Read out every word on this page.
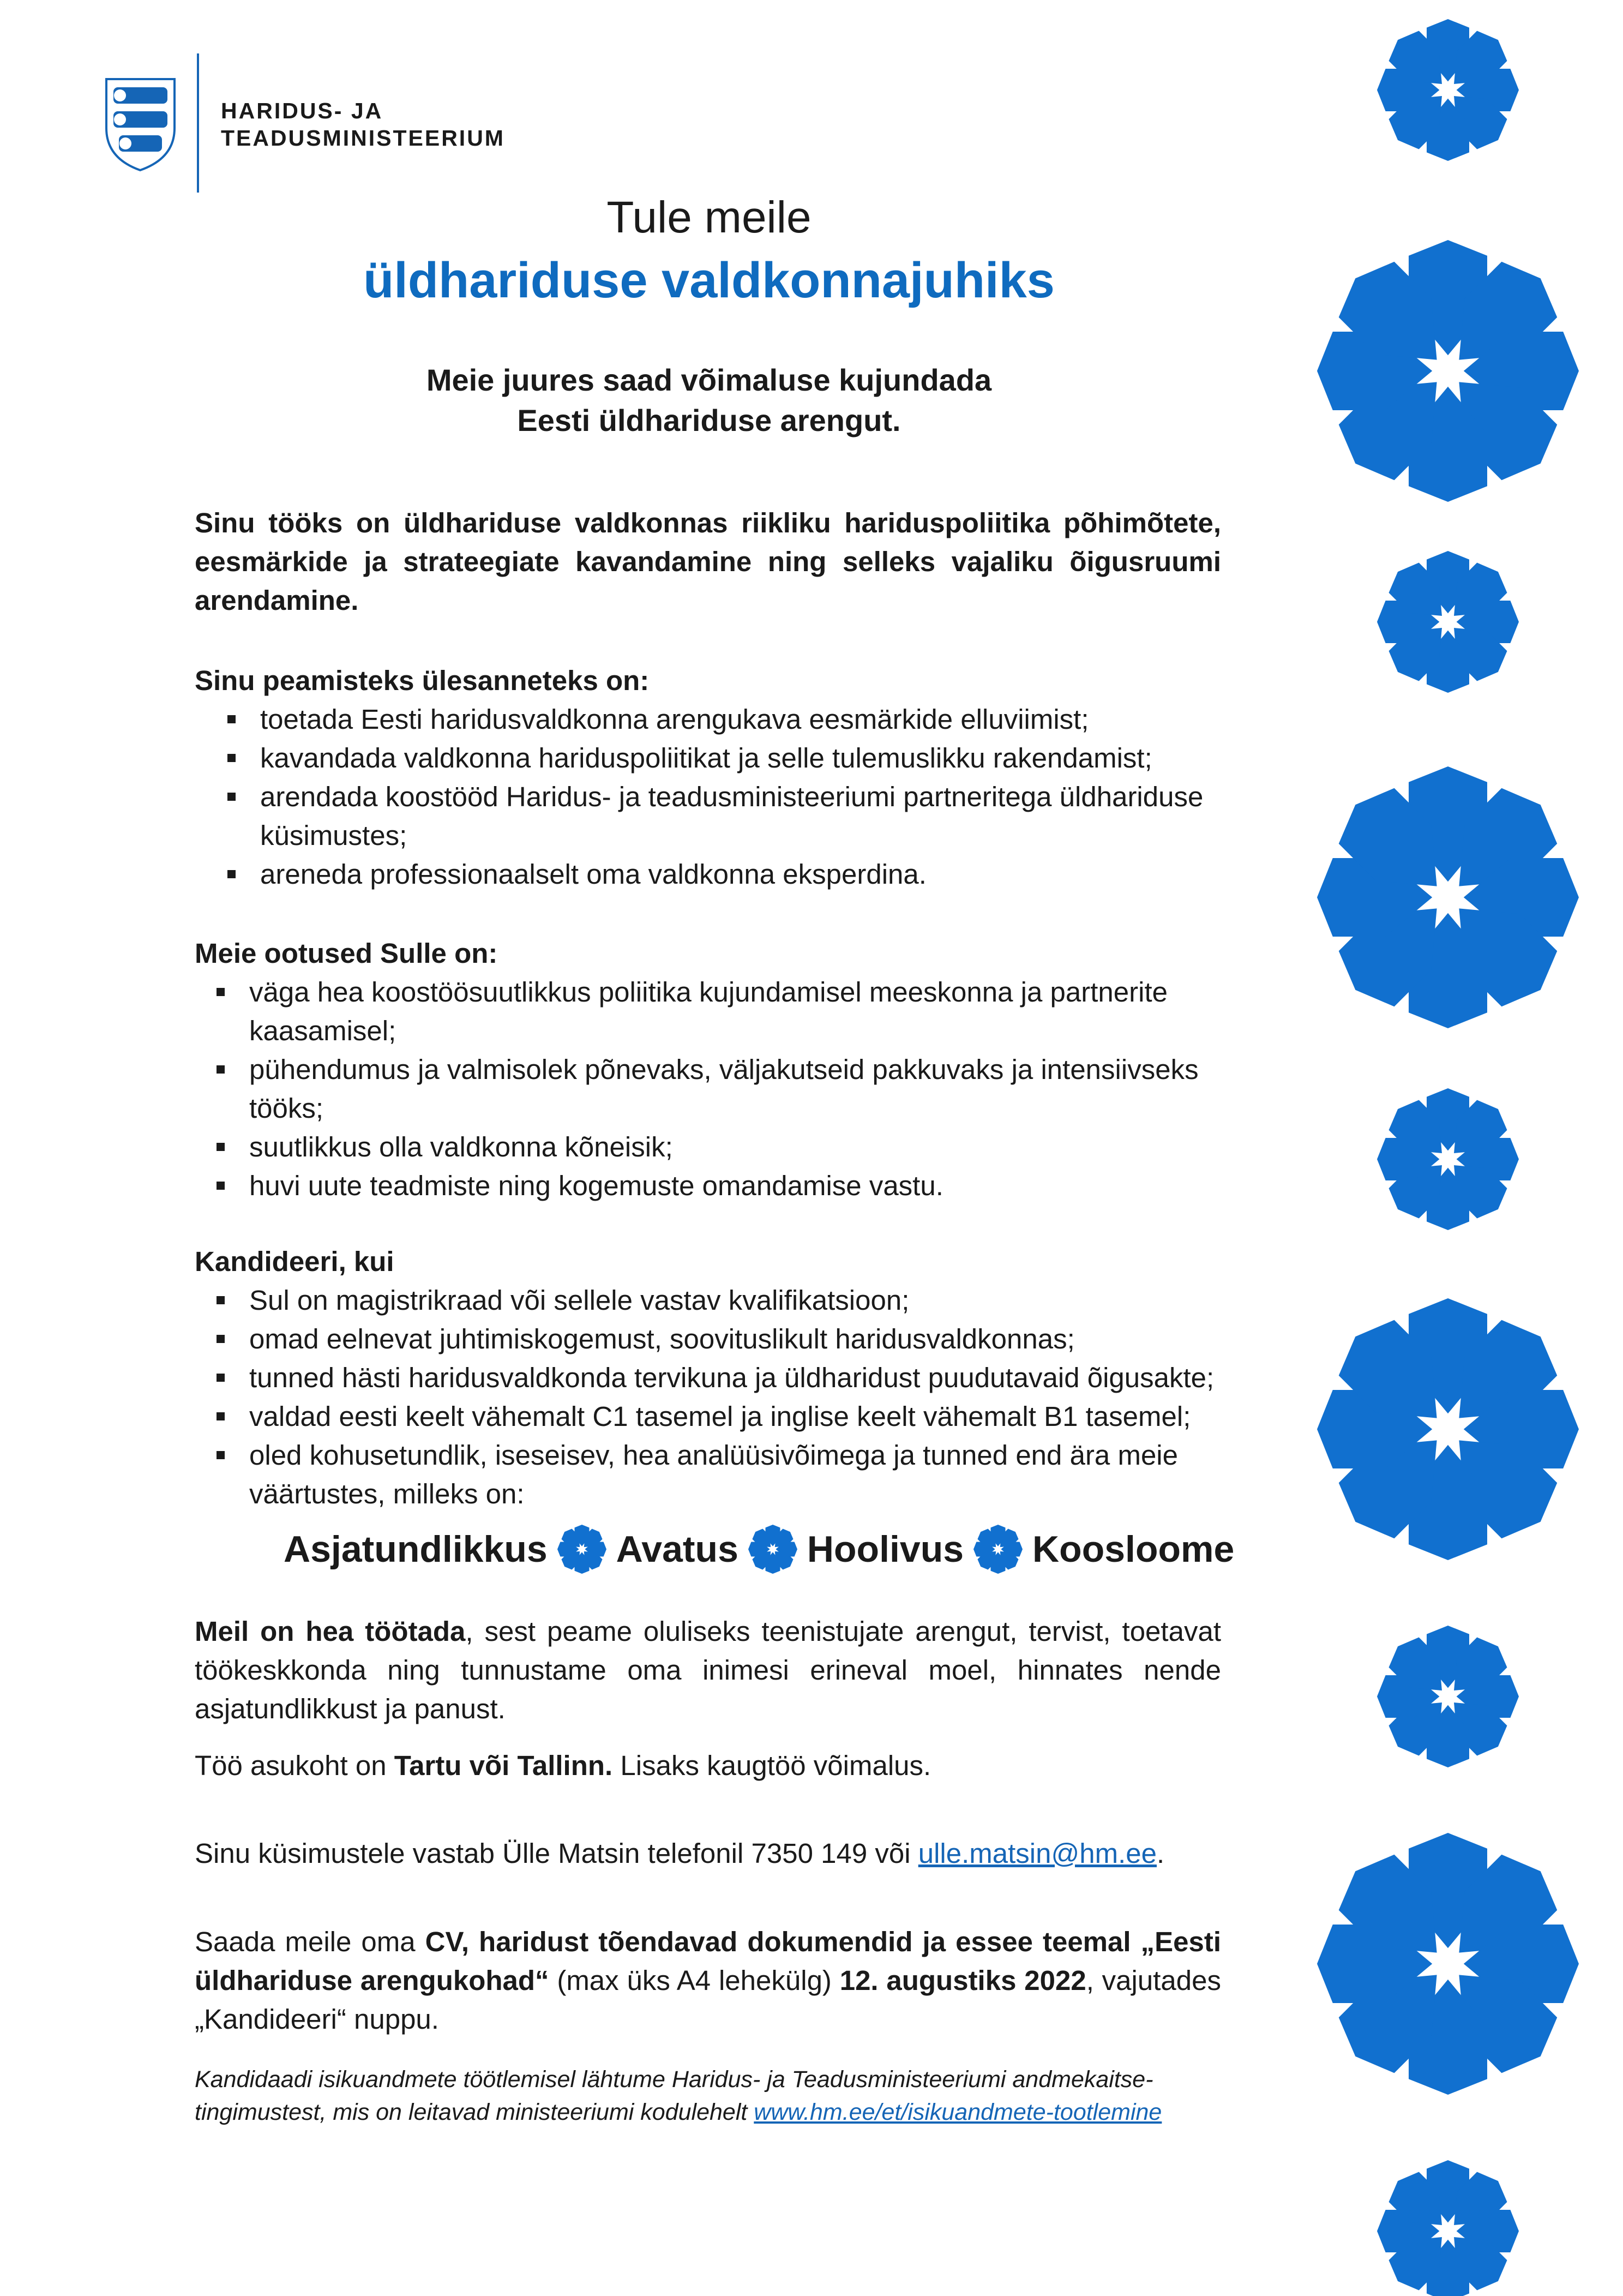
HARIDUS- JA
TEADUSMINISTEERIUM
Tule meile
üldhariduse valdkonnajuhiks
Meie juures saad võimaluse kujundada
Eesti üldhariduse arengut.
Sinu tööks on üldhariduse valdkonnas riikliku hariduspoliitika põhimõtete, eesmärkide ja strateegiate kavandamine ning selleks vajaliku õigusruumi arendamine.
Sinu peamisteks ülesanneteks on:
toetada Eesti haridusvaldkonna arengukava eesmärkide elluviimist;
kavandada valdkonna hariduspoliitikat ja selle tulemuslikku rakendamist;
arendada koostööd Haridus- ja teadusministeeriumi partneritega üldhariduse küsimustes;
areneda professionaalselt oma valdkonna eksperdina.
Meie ootused Sulle on:
väga hea koostöösuutlikkus poliitika kujundamisel meeskonna ja partnerite kaasamisel;
pühendumus ja valmisolek põnevaks, väljakutseid pakkuvaks ja intensiivseks tööks;
suutlikkus olla valdkonna kõneisik;
huvi uute teadmiste ning kogemuste omandamise vastu.
Kandideeri, kui
Sul on magistrikraad või sellele vastav kvalifikatsioon;
omad eelnevat juhtimiskogemust, soovituslikult haridusvaldkonnas;
tunned hästi haridusvaldkonda tervikuna ja üldharidust puudutavaid õigusakte;
valdad eesti keelt vähemalt C1 tasemel ja inglise keelt vähemalt B1 tasemel;
oled kohusetundlik, iseseisev, hea analüüsivõimega ja tunned end ära meie väärtustes, milleks on:
Asjatundlikkus Avatus Hoolivus Koosloome
Meil on hea töötada, sest peame oluliseks teenistujate arengut, tervist, toetavat töökeskkonda ning tunnustame oma inimesi erineval moel, hinnates nende asjatundlikkust ja panust.
Töö asukoht on Tartu või Tallinn. Lisaks kaugtöö võimalus.
Sinu küsimustele vastab Ülle Matsin telefonil 7350 149 või ulle.matsin@hm.ee.
Saada meile oma CV, haridust tõendavad dokumendid ja essee teemal „Eesti üldhariduse arengukohad“ (max üks A4 lehekülg) 12. augustiks 2022, vajutades „Kandideeri“ nuppu.
Kandidaadi isikuandmete töötlemisel lähtume Haridus- ja Teadusministeeriumi andmekaitse-tingimustest, mis on leitavad ministeeriumi kodulehelt www.hm.ee/et/isikuandmete-tootlemine
